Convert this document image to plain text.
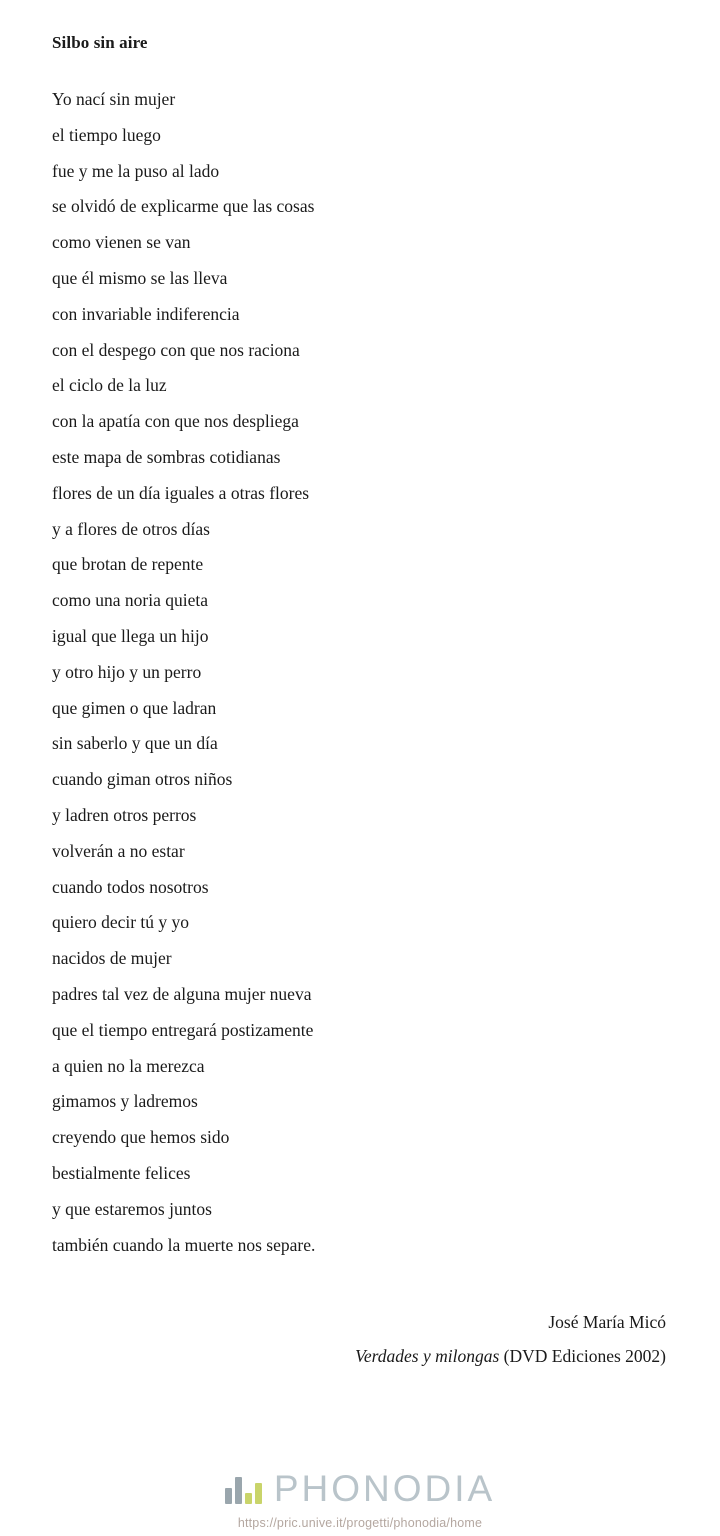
Silbo sin aire
Yo nací sin mujer
el tiempo luego
fue y me la puso al lado
se olvidó de explicarme que las cosas
como vienen se van
que él mismo se las lleva
con invariable indiferencia
con el despego con que nos raciona
el ciclo de la luz
con la apatía con que nos despliega
este mapa de sombras cotidianas
flores de un día iguales a otras flores
y a flores de otros días
que brotan de repente
como una noria quieta
igual que llega un hijo
y otro hijo y un perro
que gimen o que ladran
sin saberlo y que un día
cuando giman otros niños
y ladren otros perros
volverán a no estar
cuando todos nosotros
quiero decir tú y yo
nacidos de mujer
padres tal vez de alguna mujer nueva
que el tiempo entregará postizamente
a quien no la merezca
gimamos y ladremos
creyendo que hemos sido
bestialmente felices
y que estaremos juntos
también cuando la muerte nos separe.
José María Micó
Verdades y milongas (DVD Ediciones 2002)
PHONODIA
https://pric.unive.it/progetti/phonodia/home
